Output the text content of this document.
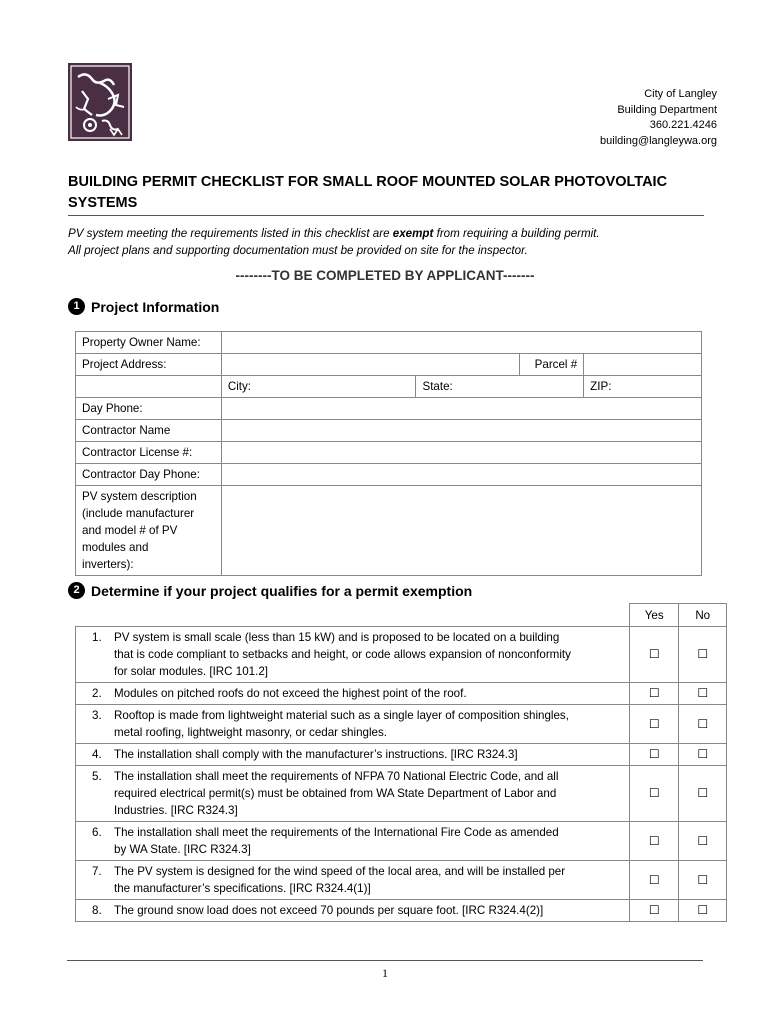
City of Langley
Building Department
360.221.4246
building@langleywa.org
BUILDING PERMIT CHECKLIST FOR SMALL ROOF MOUNTED SOLAR PHOTOVOLTAIC SYSTEMS
PV system meeting the requirements listed in this checklist are exempt from requiring a building permit.
All project plans and supporting documentation must be provided on site for the inspector.
--------TO BE COMPLETED BY APPLICANT-------
1 Project Information
Property Owner Name:				
Project Address:			Parcel #	
	City:	State:		ZIP:
Day Phone:				
Contractor Name				
Contractor License #:				
Contractor Day Phone:				

PV system description
(include manufacturer
and model # of PV
modules and
inverters):				

2 Determine if your project qualifies for a permit exemption
	Yes	No

1. PV system is small scale (less than 15 kW) and is proposed to be located on a building
that is code compliant to setbacks and height, or code allows expansion of nonconformity
for solar modules. [IRC 101.2]	☐	☐

2. Modules on pitched roofs do not exceed the highest point of the roof.	☐	☐

3. Rooftop is made from lightweight material such as a single layer of composition shingles,
metal roofing, lightweight masonry, or cedar shingles.	☐	☐

4. The installation shall comply with the manufacturer’s instructions. [IRC R324.3]	☐	☐

5. The installation shall meet the requirements of NFPA 70 National Electric Code, and all
required electrical permit(s) must be obtained from WA State Department of Labor and
Industries. [IRC R324.3]	☐	☐

6. The installation shall meet the requirements of the International Fire Code as amended
by WA State. [IRC R324.3]	☐	☐

7. The PV system is designed for the wind speed of the local area, and will be installed per
the manufacturer’s specifications. [IRC R324.4(1)]	☐	☐

8. The ground snow load does not exceed 70 pounds per square foot. [IRC R324.4(2)]	☐	☐
1
